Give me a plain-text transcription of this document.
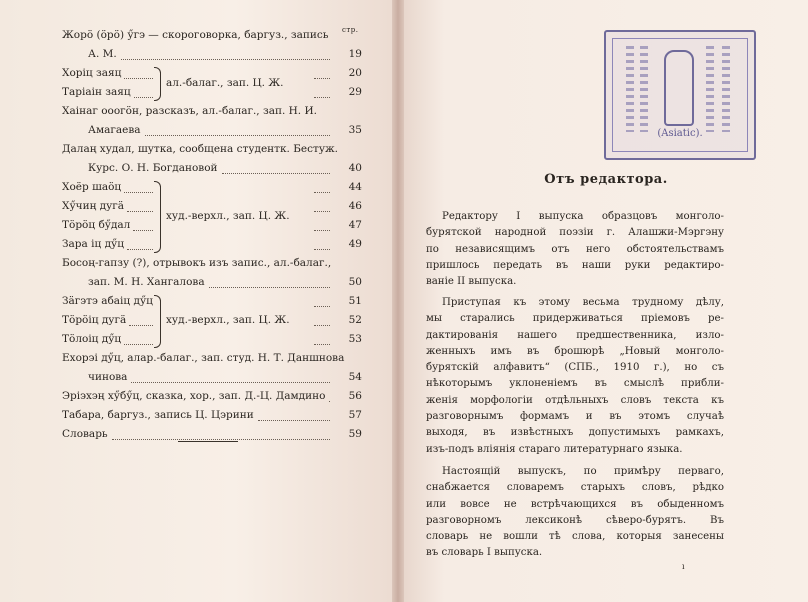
стр.
Жорӧ (ӧрӧ) ӳгэ — скороговорка, баргуз., запись
А. М.	19
Хорiц заяц	20
ал.-балаг., зап. Ц. Ж.
Тарiаiн заяц	29
Хаiнаг ооогӧн, разсказъ, ал.-балаг., зап. Н. И.
Амагаева	35
Далаң худал, шутка, сообщена студентк. Бестуж.
Курс. О. Н. Богдановой	40
Хоёр шаӧц	44
худ.-верхл., зап. Ц. Ж.
Хӳчиң дугӓ	46
Тӧрӧц бӳдал	47
Зара iц дӳц	49
Босоң-гапзу (?), отрывокъ изъ запис., ал.-балаг.,
зап. М. Н. Хангалова	50
Зӓгэтэ абаiц дӳц	51
худ.-верхл., зап. Ц. Ж.
Тӧрӧiц дугӓ	52
Тӧлоiц дӳц	53
Ехорэi дӳц, алар.-балаг., зап. студ. Н. Т. Даншнова
чинова	54
Эрiэхэң хӳбӳц, сказка, хор., зап. Д.-Ц. Дамдино	56
Табара, баргуз., запись Ц. Цэрини	57
Словарь	59
(Asiatic).
Отъ редактора.
Редактору I выпуска образцовъ монголо-
бурятской народной поэзiи г. Алашжи-Мэргэну
по независящимъ отъ него обстоятельствамъ
пришлось передать въ наши руки редактиро-
ванiе II выпуска.
Приступая къ этому весьма трудному дѣлу,
мы старались придерживаться прiемовъ ре-
дактированiя нашего предшественника, изло-
женныхъ имъ въ брошюрѣ „Новый монголо-
бурятскiй алфавитъ“ (СПБ., 1910 г.), но съ
нѣкоторымъ уклоненiемъ въ смыслѣ прибли-
женiя морфологiи отдѣльныхъ словъ текста къ
разговорнымъ формамъ и въ этомъ случаѣ
выходя, въ извѣстныхъ допустимыхъ рамкахъ,
изъ-подъ влiянiя стараго литературнаго языка.
Настоящiй выпускъ, по примѣру перваго,
снабжается словаремъ старыхъ словъ, рѣдко
или вовсе не встрѣчающихся въ обыденномъ
разговорномъ лексиконѣ сѣверо-бурятъ. Въ
словарь не вошли тѣ слова, которыя занесены
въ словарь I выпуска.
ı
